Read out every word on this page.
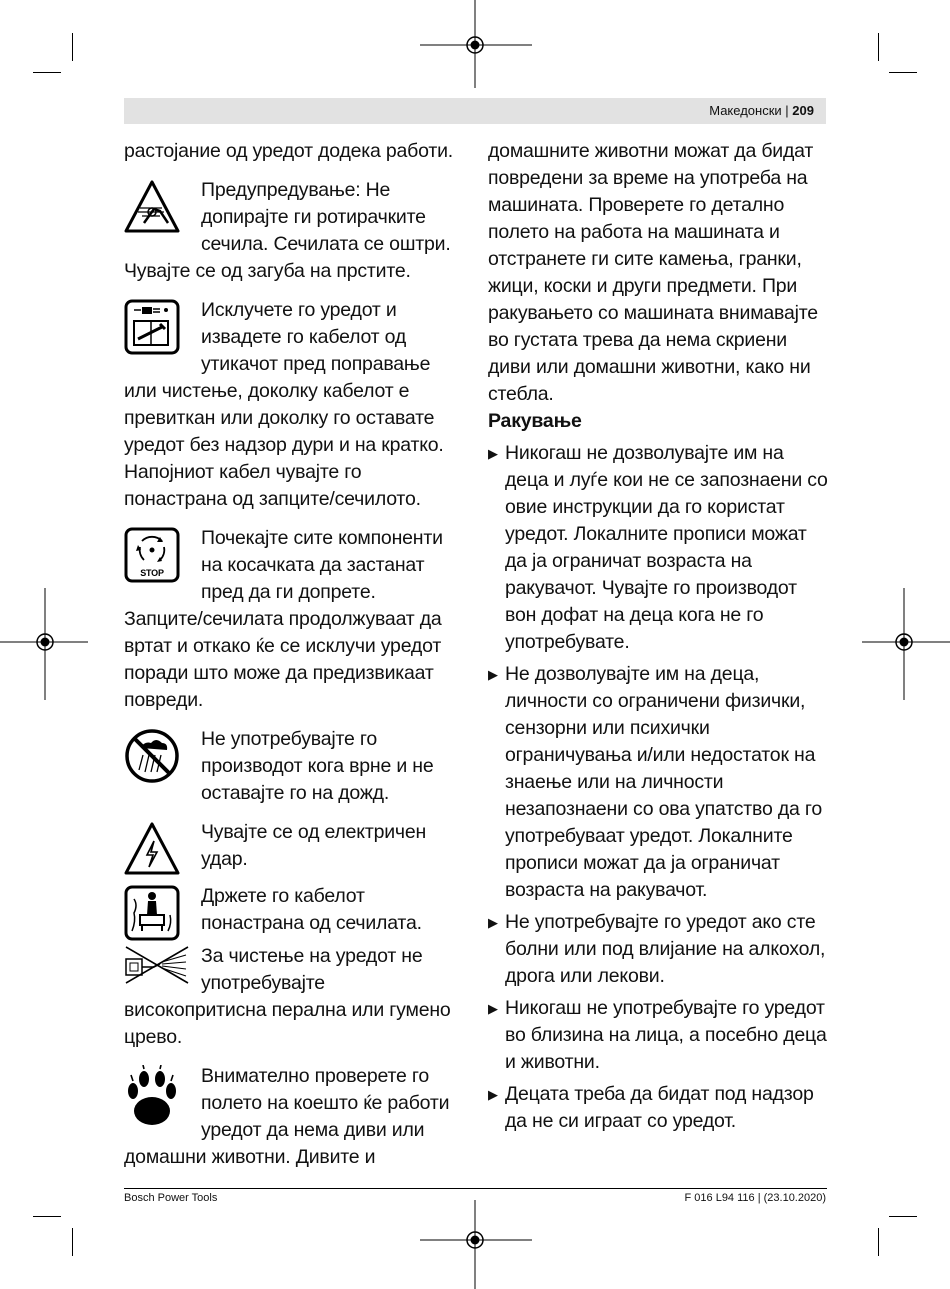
Македонски | 209

растојание од уредот додека работи.

Предупредување: Не допирајте ги ротирачките сечила. Сечилата се оштри.
Чувајте се од загуба на прстите.
Исклучете го уредот и извадете го кабелот од утикачот пред поправање
или чистење, доколку кабелот е превиткан или доколку го оставате уредот без надзор дури и на кратко. Напојниот кабел чувајте го понастрана од запците/сечилото.
STOP
Почекајте сите компоненти на косачката да застанат пред да ги допрете.
Запците/сечилата продолжуваат да вртат и откако ќе се исклучи уредот поради што може да предизвикаат повреди.
Не употребувајте го производот кога врне и не оставајте го на дожд.
Чувајте се од електричен удар.
Држете го кабелот понастрана од сечилата.
За чистење на уредот не употребувајте
високопритисна перална или гумено црево.
Внимателно проверете го полето на коешто ќе работи уредот да нема диви или
домашни животни. Дивите и

домашните животни можат да бидат повредени за време на употреба на машината. Проверете го детално полето на работа на машината и отстранете ги сите камења, гранки, жици, коски и други предмети. При ракувањето со машината внимавајте во густата трева да нема скриени диви или домашни животни, како ни стебла.

Ракување

▶ Никогаш не дозволувајте им на деца и луѓе кои не се запознаени со овие инструкции да го користат уредот. Локалните прописи можат да ја ограничат возраста на ракувачот. Чувајте го производот вон дофат на деца кога не го употребувате.
▶ Не дозволувајте им на деца, личности со ограничени физички, сензорни или психички ограничувања и/или недостаток на знаење или на личности незапознаени со ова упатство да го употребуваат уредот. Локалните прописи можат да ја ограничат возраста на ракувачот.
▶ Не употребувајте го уредот ако сте болни или под влијание на алкохол, дрога или лекови.
▶ Никогаш не употребувајте го уредот во близина на лица, а посебно деца и животни.
▶ Децата треба да бидат под надзор да не си играат со уредот.
Bosch Power Tools	F 016 L94 116 | (23.10.2020)
